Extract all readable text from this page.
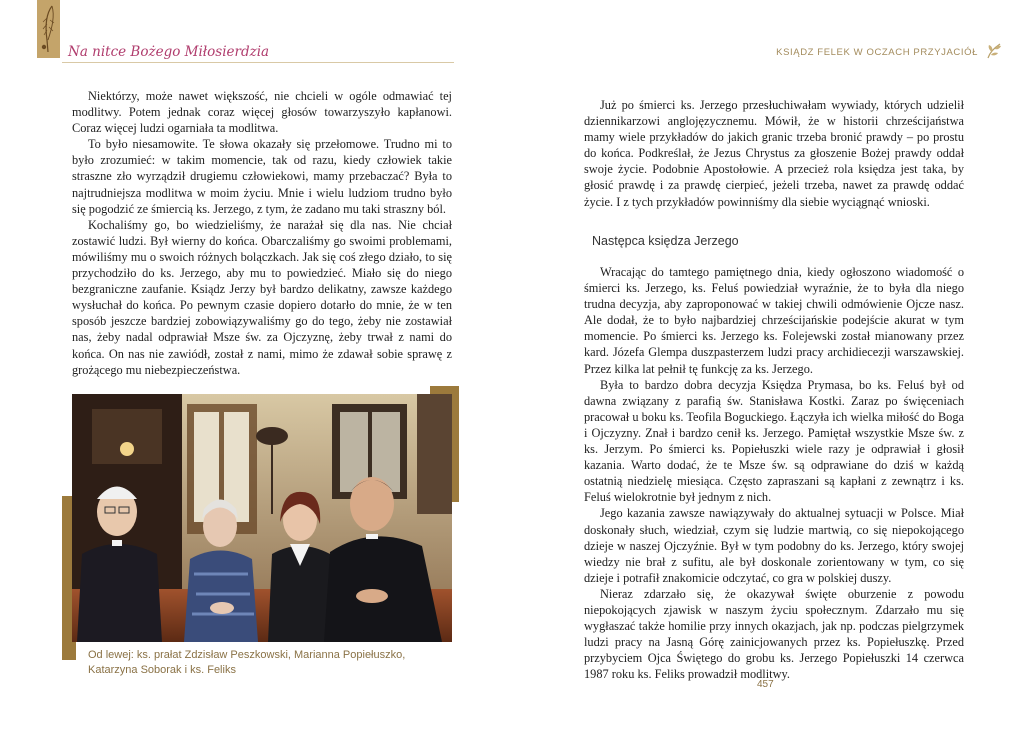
Na nitce Bożego Miłosierdzia

Niektórzy, może nawet większość, nie chcieli w ogóle odmawiać tej modlitwy. Potem jednak coraz więcej głosów towarzyszyło kapłanowi. Coraz więcej ludzi ogarniała ta modlitwa.

To było niesamowite. Te słowa okazały się przełomowe. Trudno mi to było zrozumieć: w takim momencie, tak od razu, kiedy człowiek takie straszne zło wyrządził drugiemu człowiekowi, mamy przebaczać? Była to najtrudniejsza modlitwa w moim życiu. Mnie i wielu ludziom trudno było się pogodzić ze śmiercią ks. Jerzego, z tym, że zadano mu taki straszny ból.

Kochaliśmy go, bo wiedzieliśmy, że narażał się dla nas. Nie chciał zostawić ludzi. Był wierny do końca. Obarczaliśmy go swoimi problemami, mówiliśmy mu o swoich różnych bolączkach. Jak się coś złego działo, to się przychodziło do ks. Jerzego, aby mu to powiedzieć. Miało się do niego bezgraniczne zaufanie. Ksiądz Jerzy był bardzo delikatny, zawsze każdego wysłuchał do końca. Po pewnym czasie dopiero dotarło do mnie, że w ten sposób jeszcze bardziej zobowiązywaliśmy go do tego, żeby nie zostawiał nas, żeby nadal odprawiał Msze św. za Ojczyznę, żeby trwał z nami do końca. On nas nie zawiódł, został z nami, mimo że zdawał sobie sprawę z grożącego mu niebezpieczeństwa.

Od lewej: ks. prałat Zdzisław Peszkowski, Marianna Popiełuszko, Katarzyna Soborak i ks. Feliks
KSIĄDZ FELEK W OCZACH PRZYJACIÓŁ

Już po śmierci ks. Jerzego przesłuchiwałam wywiady, których udzielił dziennikarzowi anglojęzycznemu. Mówił, że w historii chrześcijaństwa mamy wiele przykładów do jakich granic trzeba bronić prawdy – po prostu do końca. Podkreślał, że Jezus Chrystus za głoszenie Bożej prawdy oddał swoje życie. Podobnie Apostołowie. A przecież rola księdza jest taka, by głosić prawdę i za prawdę cierpieć, jeżeli trzeba, nawet za prawdę oddać życie. I z tych przykładów powinniśmy dla siebie wyciągnąć wnioski.

Następca księdza Jerzego

Wracając do tamtego pamiętnego dnia, kiedy ogłoszono wiadomość o śmierci ks. Jerzego, ks. Feluś powiedział wyraźnie, że to była dla niego trudna decyzja, aby zaproponować w takiej chwili odmówienie Ojcze nasz. Ale dodał, że to było najbardziej chrześcijańskie podejście akurat w tym momencie. Po śmierci ks. Jerzego ks. Folejewski został mianowany przez kard. Józefa Glempa duszpasterzem ludzi pracy archidiecezji warszawskiej. Przez kilka lat pełnił tę funkcję za ks. Jerzego.

Była to bardzo dobra decyzja Księdza Prymasa, bo ks. Feluś był od dawna związany z parafią św. Stanisława Kostki. Zaraz po święceniach pracował u boku ks. Teofila Boguckiego. Łączyła ich wielka miłość do Boga i Ojczyzny. Znał i bardzo cenił ks. Jerzego. Pamiętał wszystkie Msze św. z ks. Jerzym. Po śmierci ks. Popiełuszki wiele razy je odprawiał i głosił kazania. Warto dodać, że te Msze św. są odprawiane do dziś w każdą ostatnią niedzielę miesiąca. Często zapraszani są kapłani z zewnątrz i ks. Feluś wielokrotnie był jednym z nich.

Jego kazania zawsze nawiązywały do aktualnej sytuacji w Polsce. Miał doskonały słuch, wiedział, czym się ludzie martwią, co się niepokojącego dzieje w naszej Ojczyźnie. Był w tym podobny do ks. Jerzego, który swojej wiedzy nie brał z sufitu, ale był doskonale zorientowany w tym, co się dzieje i potrafił znakomicie odczytać, co gra w polskiej duszy.

Nieraz zdarzało się, że okazywał święte oburzenie z powodu niepokojących zjawisk w naszym życiu społecznym. Zdarzało mu się wygłaszać także homilie przy innych okazjach, jak np. podczas pielgrzymek ludzi pracy na Jasną Górę zainicjowanych przez ks. Popiełuszkę. Przed przybyciem Ojca Świętego do grobu ks. Jerzego Popiełuszki 14 czerwca 1987 roku ks. Feliks prowadził modlitwy.

457
